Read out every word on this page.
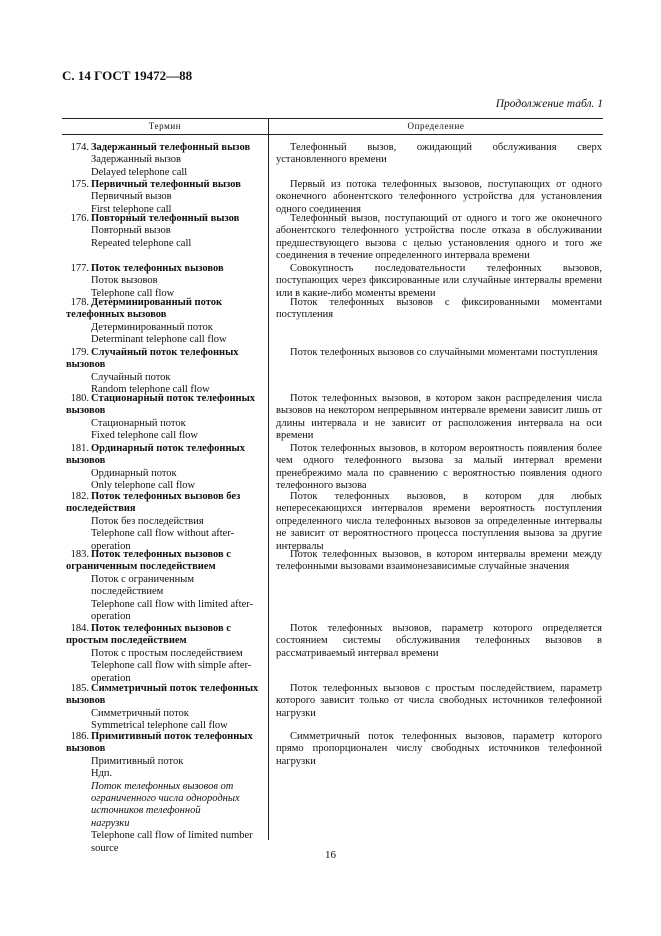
С. 14 ГОСТ 19472—88
Продолжение табл. 1
Термин	Определение
174. Задержанный телефонный вызов
Задержанный вызов
Delayed telephone call
Телефонный вызов, ожидающий обслуживания сверх установленного времени
175. Первичный телефонный вызов
Первичный вызов
First telephone call
Первый из потока телефонных вызовов, поступающих от одного оконечного абонентского телефонного устройства для установления одного соединения
176. Повторный телефонный вызов
Повторный вызов
Repeated telephone call
Телефонный вызов, поступающий от одного и того же оконечного абонентского телефонного устройства после отказа в обслуживании предшествующего вызова с целью установления одного и того же соединения в течение определенного интервала времени
177. Поток телефонных вызовов
Поток вызовов
Telephone call flow
Совокупность последовательности телефонных вызовов, поступающих через фиксированные или случайные интервалы времени или в какие-либо моменты времени
178. Детерминированный поток телефонных вызовов
Детерминированный поток
Determinant telephone call flow
Поток телефонных вызовов с фиксированными моментами поступления
179. Случайный поток телефонных вызовов
Случайный поток
Random telephone call flow
Поток телефонных вызовов со случайными моментами поступления
180. Стационарный поток телефонных вызовов
Стационарный поток
Fixed telephone call flow
Поток телефонных вызовов, в котором закон распределения числа вызовов на некотором непрерывном интервале времени зависит лишь от длины интервала и не зависит от расположения интервала на оси времени
181. Ординарный поток телефонных вызовов
Ординарный поток
Only telephone call flow
Поток телефонных вызовов, в котором вероятность появления более чем одного телефонного вызова за малый интервал времени пренебрежимо мала по сравнению с вероятностью появления одного телефонного вызова
182. Поток телефонных вызовов без последействия
Поток без последействия
Telephone call flow without after-operation
Поток телефонных вызовов, в котором для любых непересекающихся интервалов времени вероятность поступления определенного числа телефонных вызовов за определенные интервалы не зависит от вероятностного процесса поступления вызова за другие интервалы
183. Поток телефонных вызовов с ограниченным последействием
Поток с ограниченным последействием
Telephone call flow with limited after-operation
Поток телефонных вызовов, в котором интервалы времени между телефонными вызовами взаимонезависимые случайные значения
184. Поток телефонных вызовов с простым последействием
Поток с простым последействием
Telephone call flow with simple after-operation
Поток телефонных вызовов, параметр которого определяется состоянием системы обслуживания телефонных вызовов в рассматриваемый интервал времени
185. Симметричный поток телефонных вызовов
Симметричный поток
Symmetrical telephone call flow
Поток телефонных вызовов с простым последействием, параметр которого зависит только от числа свободных источников телефонной нагрузки
186. Примитивный поток телефонных вызовов
Примитивный поток
Ндп.Поток телефонных вызовов от ограниченного числа однородных источников телефонной нагрузки
Telephone call flow of limited number source
Симметричный поток телефонных вызовов, параметр которого прямо пропорционален числу свободных источников телефонной нагрузки
16
